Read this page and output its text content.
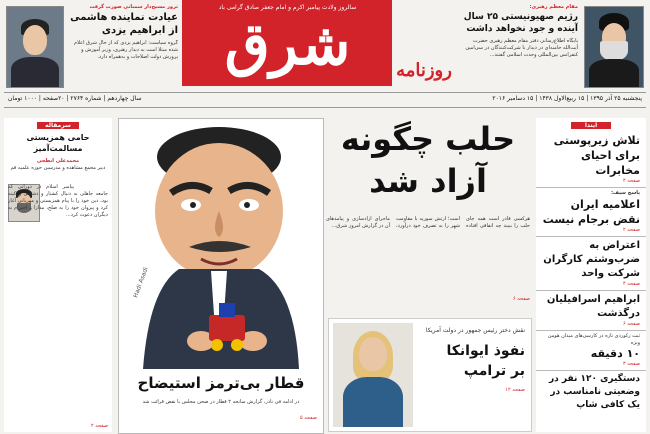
ترور مسیح‌دار سمنانی صورت گرفت
عیادت نماینده هاشمی
از ابراهیم یزدی
گروه سیاست: ابراهیم یزدی که از حال شرق اعلام شده مبتلا است به دیدار رهبری، وزیر آموزش و پرورش دولت اصلاحات و به‌همراه دارد.
سالروز ولادت پیامبر اکرم و امام جعفر صادق گرامی باد
شرق	روزنامه
مقام معظم رهبری:
رژیم صهیونیستی ۲۵ سال
آینده و جود نخواهد داشت
پایگاه اطلاع‌رسانی دفتر مقام معظم رهبری حضرت آیت‌الله خامنه‌ای در دیدار با شرکت‌کنندگان در سی‌امین کنفرانس بین‌المللی وحدت اسلامی گفتند...
پنجشنبه ۲۵ آذر ۱۳۹۵ | ۱۵ ربیع‌الاول ۱۴۳۸ | ۱۵ دسامبر ۲۰۱۶
سال چهاردهم | شماره ۲۷۶۴ | ۲۰صفحه | ۱۰۰۰ تومان
ایتدا
تلاش زیرپوستی برای احیای مخابرات
صفحه ۴
پاسخ سیف:
اعلامیه ایران نقض برجام نیست
صفحه ۲
اعتراض به ضرب‌وشتم کارگران شرکت واحد
صفحه ۴
ابراهیم اسرافیلیان درگذشت
صفحه ۶
ثبت رکوردی تازه در کارسی‌های میدان هومن ویژه
۱۰ دقیقه
صفحه ۳
دستگیری ۱۲۰ نفر در وضعیتی نامناسب در یک کافی شاپ
حلب چگونه
آزاد شد
هرکسی قادر است همه جای حلب را ببیند چه اتفاقی افتاده است؛ ارتش سوریه با مقاومت شهر را به تصرف خود درآورد، ماجرای آزادسازی و پیامدهای آن در گزارش امروز شرق...
صفحه ۶
نقش دختر رئیس جمهور در دولت آمریکا
نفوذ ایوانکا
بر ترامپ
صفحه ۱۲
Hadi Asadi
قطار بی‌ترمز استیضاح
در ادامه فی نادر، گزارش سانحه ۲ قطار در صحن مجلس با نقض قرائت شد
صفحه ۵
سرمقاله
حامی همزیستی مسالمت‌آمیز
محمدعلی ابطحی
دبیر مجمع مشاهده و مدرسین حوزه علمیه قم
پیامبر اسلام در دورانی که جامعه جاهلی به دنبال کشتار و دشمنی و کینه بود، دین خود را با پیام همزیستی و مهربانی آغاز کرد و پیروان خود را به صلح، مدارا و احترام به دیگران دعوت کرد...
صفحه ۲
